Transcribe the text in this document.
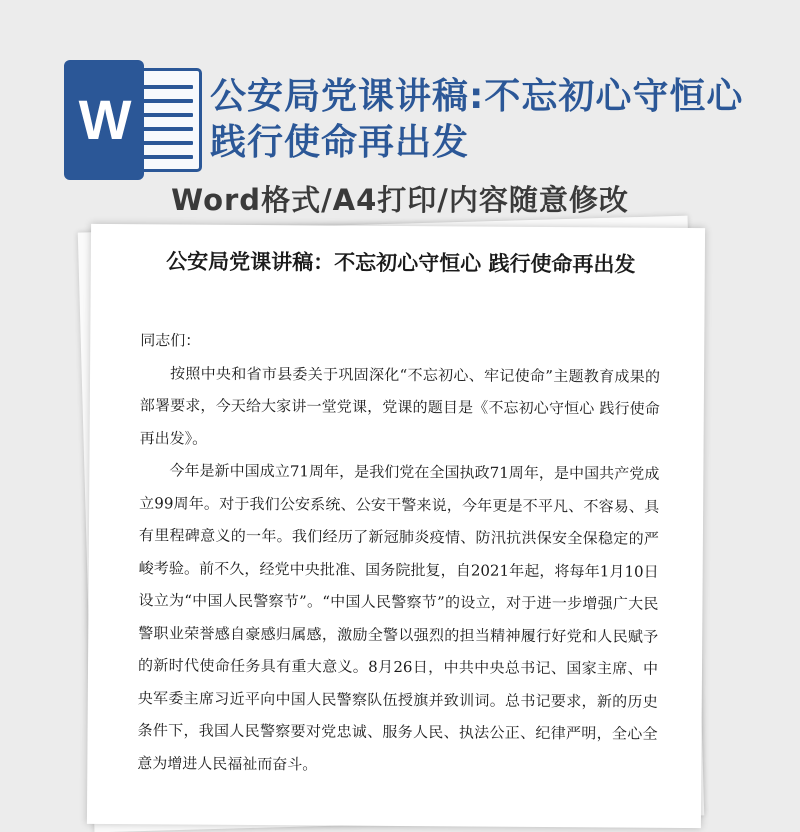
W	公安局党课讲稿:不忘初心守恒心践行使命再出发
Word格式/A4打印/内容随意修改
公安局党课讲稿：不忘初心守恒心 践行使命再出发

同志们：

按照中央和省市县委关于巩固深化“不忘初心、牢记使命”主题教育成果的部署要求，今天给大家讲一堂党课，党课的题目是《不忘初心守恒心 践行使命再出发》。

今年是新中国成立71周年，是我们党在全国执政71周年，是中国共产党成立99周年。对于我们公安系统、公安干警来说，今年更是不平凡、不容易、具有里程碑意义的一年。我们经历了新冠肺炎疫情、防汛抗洪保安全保稳定的严峻考验。前不久，经党中央批准、国务院批复，自2021年起，将每年1月10日设立为“中国人民警察节”。“中国人民警察节”的设立，对于进一步增强广大民警职业荣誉感自豪感归属感，激励全警以强烈的担当精神履行好党和人民赋予的新时代使命任务具有重大意义。8月26日，中共中央总书记、国家主席、中央军委主席习近平向中国人民警察队伍授旗并致训词。总书记要求，新的历史条件下，我国人民警察要对党忠诚、服务人民、执法公正、纪律严明，全心全意为增进人民福祉而奋斗。
